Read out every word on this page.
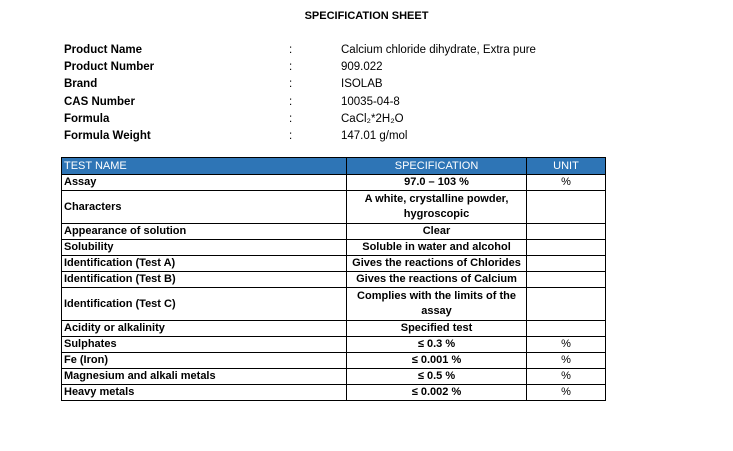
SPECIFICATION SHEET
Product Name	:	Calcium chloride dihydrate, Extra pure
Product Number	:	909.022
Brand	:	ISOLAB
CAS Number	:	10035-04-8
Formula	:	CaCl₂*2H₂O
Formula Weight	:	147.01 g/mol
TEST NAME	SPECIFICATION	UNIT
Assay	97.0 – 103 %	%
Characters	A white, crystalline powder, hygroscopic	
Appearance of solution	Clear	
Solubility	Soluble in water and alcohol	
Identification (Test A)	Gives the reactions of Chlorides	
Identification (Test B)	Gives the reactions of Calcium	
Identification (Test C)	Complies with the limits of the assay	
Acidity or alkalinity	Specified test	
Sulphates	≤ 0.3 %	%
Fe (Iron)	≤ 0.001 %	%
Magnesium and alkali metals	≤ 0.5 %	%
Heavy metals	≤ 0.002 %	%
